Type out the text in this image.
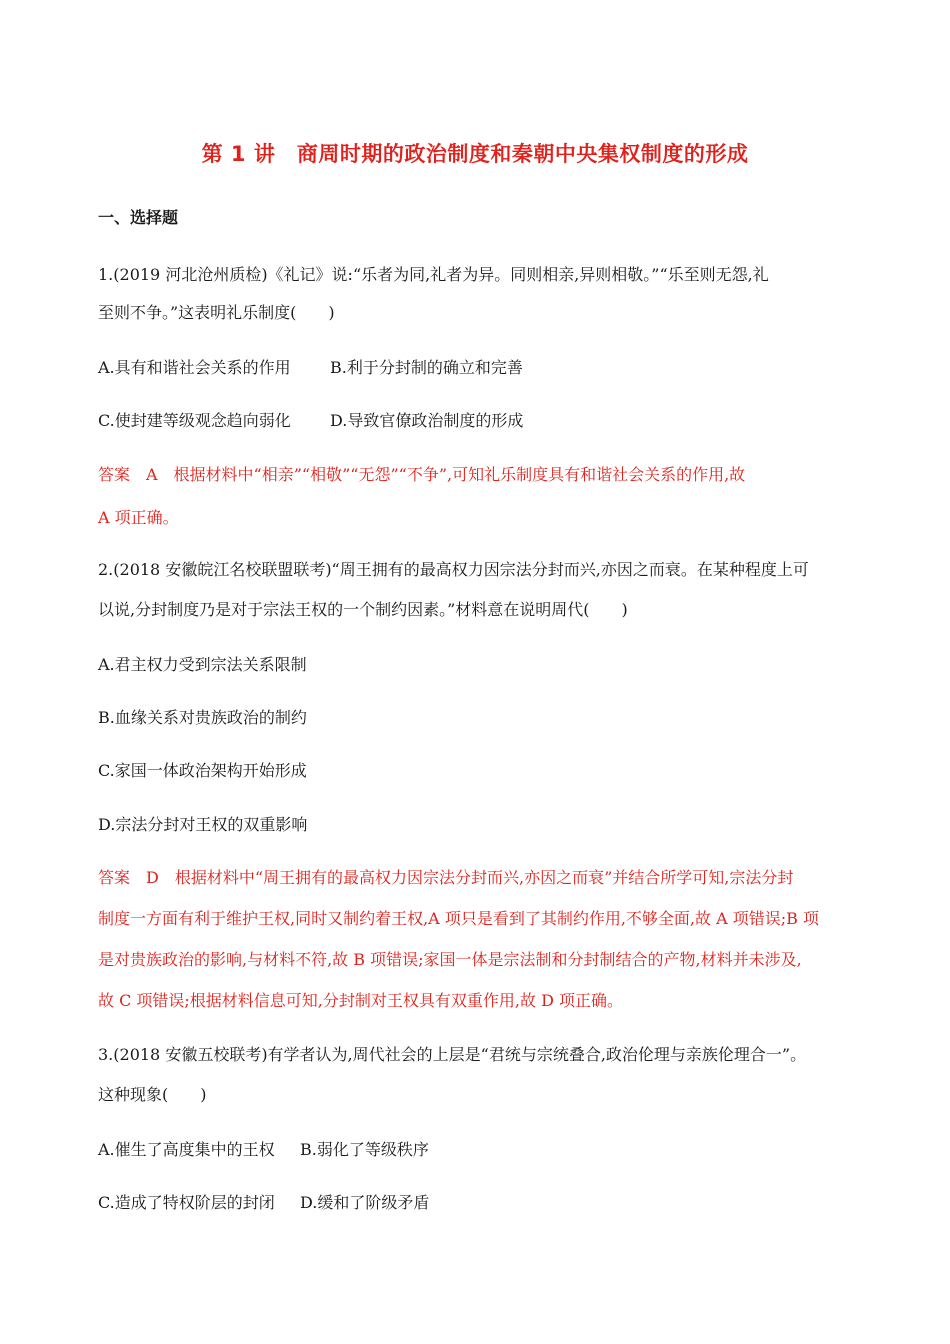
第 1 讲　商周时期的政治制度和秦朝中央集权制度的形成
一、选择题
1.(2019 河北沧州质检)《礼记》说:“乐者为同,礼者为异。同则相亲,异则相敬。”“乐至则无怨,礼
至则不争。”这表明礼乐制度(　　)
A.具有和谐社会关系的作用 B.利于分封制的确立和完善
C.使封建等级观念趋向弱化 D.导致官僚政治制度的形成
答案　A　根据材料中“相亲”“相敬”“无怨”“不争”,可知礼乐制度具有和谐社会关系的作用,故
A 项正确。
2.(2018 安徽皖江名校联盟联考)“周王拥有的最高权力因宗法分封而兴,亦因之而衰。在某种程度上可
以说,分封制度乃是对于宗法王权的一个制约因素。”材料意在说明周代(　　)
A.君主权力受到宗法关系限制
B.血缘关系对贵族政治的制约
C.家国一体政治架构开始形成
D.宗法分封对王权的双重影响
答案　D　根据材料中“周王拥有的最高权力因宗法分封而兴,亦因之而衰”并结合所学可知,宗法分封
制度一方面有利于维护王权,同时又制约着王权,A 项只是看到了其制约作用,不够全面,故 A 项错误;B 项
是对贵族政治的影响,与材料不符,故 B 项错误;家国一体是宗法制和分封制结合的产物,材料并未涉及,
故 C 项错误;根据材料信息可知,分封制对王权具有双重作用,故 D 项正确。
3.(2018 安徽五校联考)有学者认为,周代社会的上层是“君统与宗统叠合,政治伦理与亲族伦理合一”。
这种现象(　　)
A.催生了高度集中的王权 B.弱化了等级秩序
C.造成了特权阶层的封闭 D.缓和了阶级矛盾
